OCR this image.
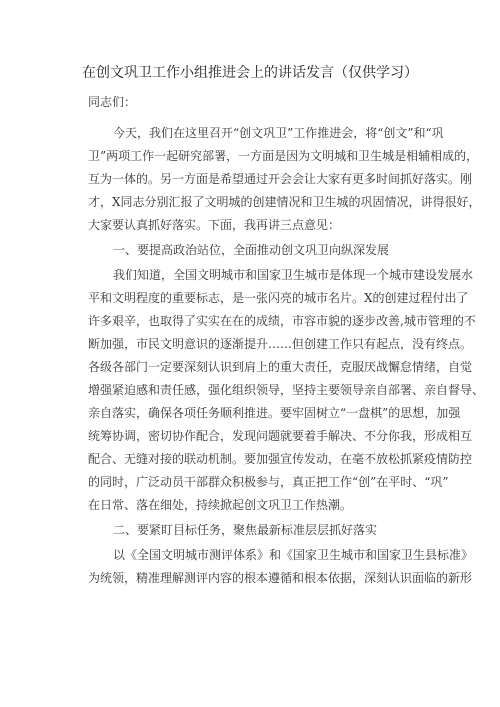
在创文巩卫工作小组推进会上的讲话发言（仅供学习）
同志们：
今天，我们在这里召开“创文巩卫”工作推进会，将“创文”和“巩
卫”两项工作一起研究部署，一方面是因为文明城和卫生城是相辅相成的，
互为一体的。另一方面是希望通过开会会让大家有更多时间抓好落实。刚
才，X同志分别汇报了文明城的创建情况和卫生城的巩固情况，讲得很好，
大家要认真抓好落实。下面，我再讲三点意见：
一、要提高政治站位，全面推动创文巩卫向纵深发展
我们知道，全国文明城市和国家卫生城市是体现一个城市建设发展水
平和文明程度的重要标志，是一张闪亮的城市名片。X的创建过程付出了
许多艰辛，也取得了实实在在的成绩，市容市貌的逐步改善,城市管理的不
断加强，市民文明意识的逐渐提升……但创建工作只有起点，没有终点。
各级各部门一定要深刻认识到肩上的重大责任，克服厌战懈怠情绪，自觉
增强紧迫感和责任感，强化组织领导，坚持主要领导亲自部署、亲自督导、
亲自落实，确保各项任务顺利推进。要牢固树立“一盘棋”的思想，加强
统筹协调，密切协作配合，发现问题就要着手解决、不分你我，形成相互
配合、无缝对接的联动机制。要加强宣传发动，在毫不放松抓紧疫情防控
的同时，广泛动员干部群众积极参与，真正把工作“创”在平时、“巩”
在日常、落在细处，持续掀起创文巩卫工作热潮。
二、要紧盯目标任务，聚焦最新标准层层抓好落实
以《全国文明城市测评体系》和《国家卫生城市和国家卫生县标准》
为统领，精准理解测评内容的根本遵循和根本依据，深刻认识面临的新形
